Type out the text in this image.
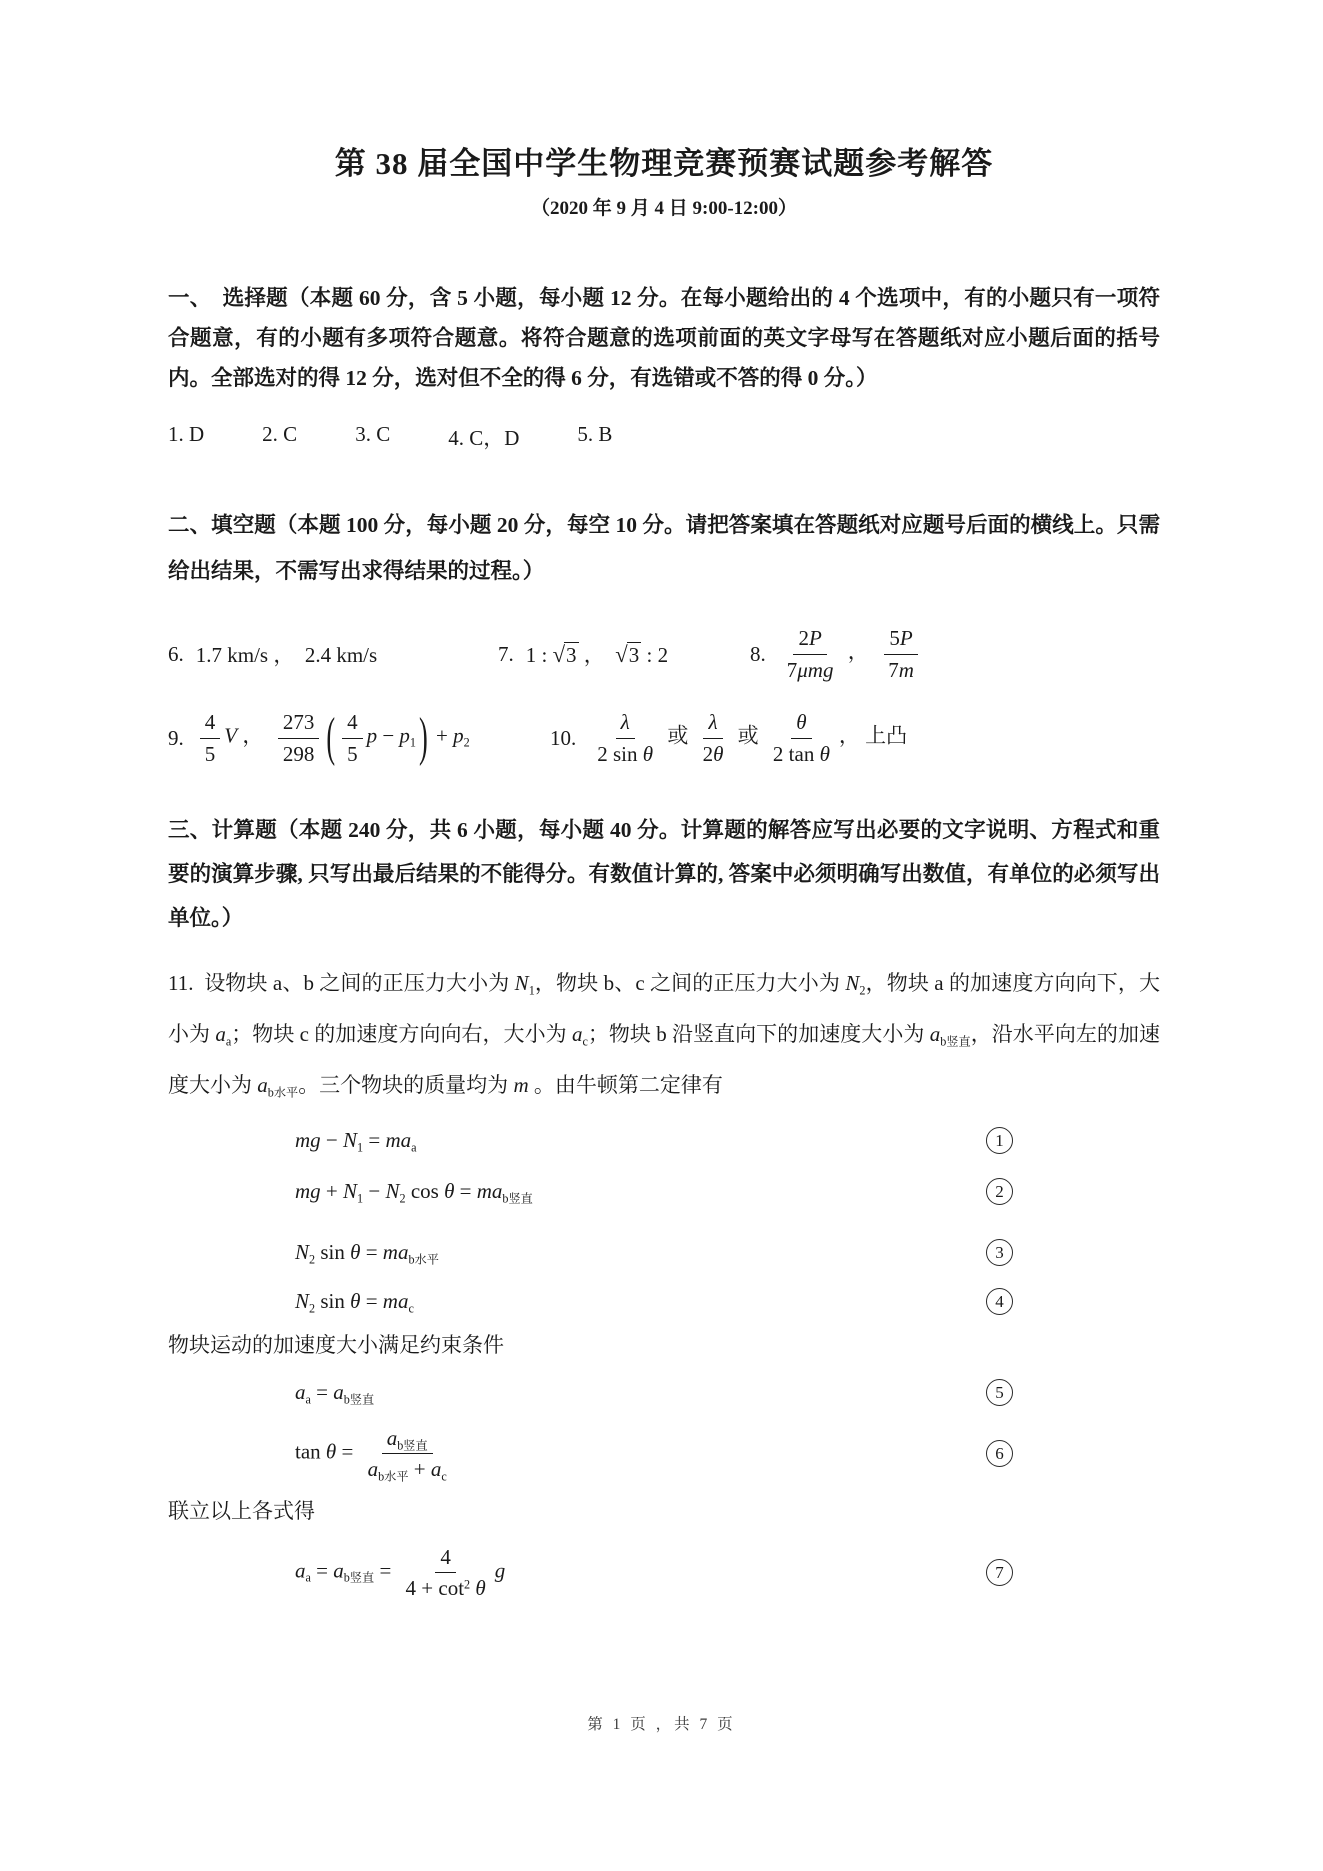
第 38 届全国中学生物理竞赛预赛试题参考解答
（2020 年 9 月 4 日 9:00-12:00）
一、　选择题（本题 60 分，含 5 小题，每小题 12 分。在每小题给出的 4 个选项中，有的小题只有一项符合题意，有的小题有多项符合题意。将符合题意的选项前面的英文字母写在答题纸对应小题后面的括号内。全部选对的得 12 分，选对但不全的得 6 分，有选错或不答的得 0 分。）
1. D	2. C	3. C	4. C，D	5. B
二、填空题（本题 100 分，每小题 20 分，每空 10 分。请把答案填在答题纸对应题号后面的横线上。只需给出结果，不需写出求得结果的过程。）
6. 1.7 km/s ，  2.4 km/s	7. 1 : √3 ，  √3 : 2	8. $\frac{2P}{\text{7μmg}}$ ， $\frac{5P}{7m}$
9. $\frac{4}{5}$ V ， $\frac{273}{298}$ ( $\frac{4}{5}$ $p - p_1$ ) + $p_2$	10. $\frac{\lambda}{\text{2 sin θ}}$ 或 $\frac{\lambda}{2\theta}$ 或 $\frac{\theta}{\text{2 tan θ}}$ ， 上凸
三、计算题（本题 240 分，共 6 小题，每小题 40 分。计算题的解答应写出必要的文字说明、方程式和重要的演算步骤, 只写出最后结果的不能得分。有数值计算的, 答案中必须明确写出数值，有单位的必须写出单位。）
11.  设物块 a、b 之间的正压力大小为 $N_1$，物块 b、c 之间的正压力大小为 $N_2$，物块 a 的加速度方向向下，大小为 $a_a$；物块 c 的加速度方向向右，大小为 $a_c$；物块 b 沿竖直向下的加速度大小为 $a_{b竖直}$，沿水平向左的加速度大小为 $a_{b水平}$。三个物块的质量均为 m 。由牛顿第二定律有
mg − $N_1 = ma_a$	1
mg + $N_1 - N_2$ $\cos \theta = ma_{b竖直}$	2
$N_2$ $\sin \theta = ma_{b水平}$	3
$N_2$ $\sin \theta = ma_c$	4
物块运动的加速度大小满足约束条件
$a_a = a_{b竖直}$	5
$\tan \theta = \frac{a_{b竖直}}{a_{b水平} + a_c}$	6
联立以上各式得
$a_a = a_{b竖直} = \frac{4}{4 + \cot^2 \theta}$ g	7
第 1 页 ，共 7 页
